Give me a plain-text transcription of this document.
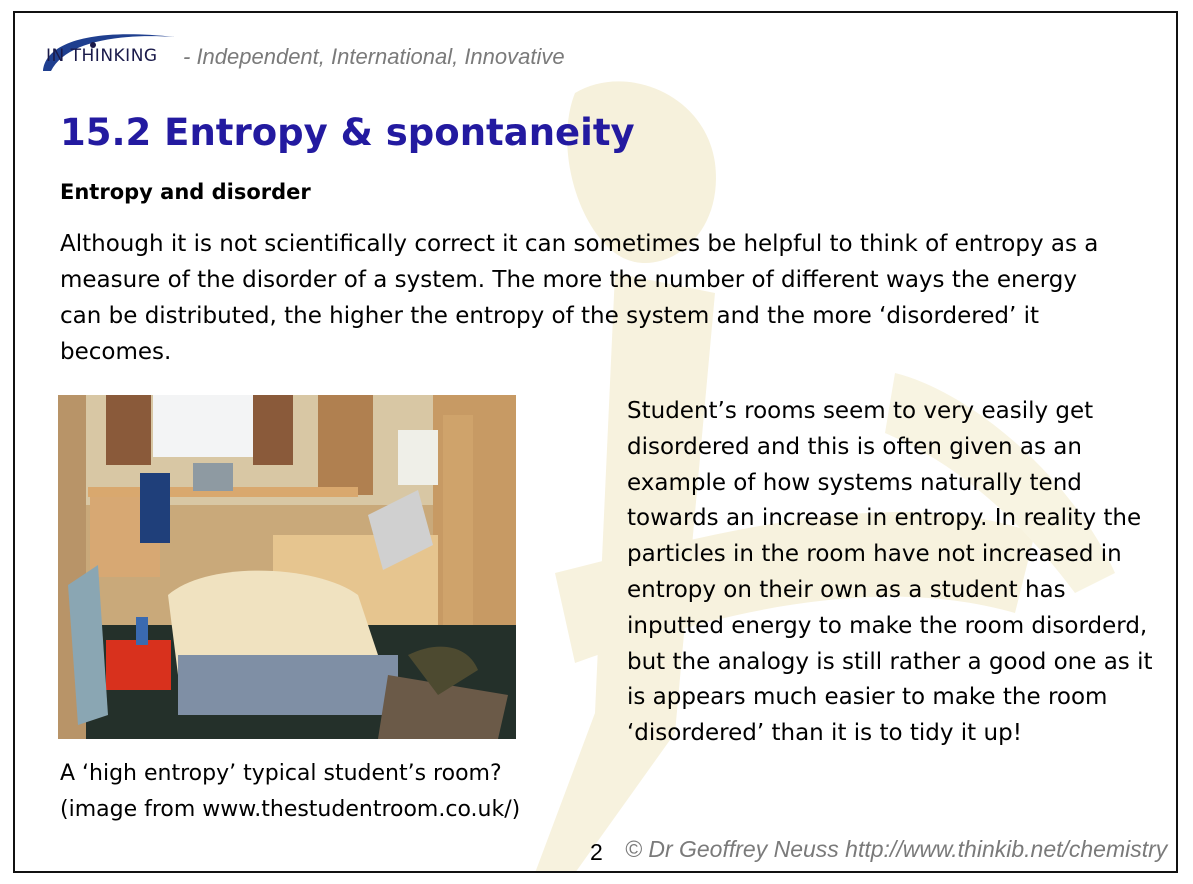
IN THINKING - Independent, International, Innovative
15.2 Entropy & spontaneity
Entropy and disorder

Although it is not scientifically correct it can sometimes be helpful to think of entropy as a measure of the disorder of a system. The more the number of different ways the energy can be distributed, the higher the entropy of the system and the more ‘disordered’ it becomes.

A ‘high entropy’ typical student’s room?
(image from www.thestudentroom.co.uk/)

Student’s rooms seem to very easily get disordered and this is often given as an example of how systems naturally tend towards an increase in entropy. In reality the particles in the room have not increased in entropy on their own as a student has inputted energy to make the room disorderd, but the analogy is still rather a good one as it is appears much easier to make the room ‘disordered’ than it is to tidy it up!

2 © Dr Geoffrey Neuss http://www.thinkib.net/chemistry
